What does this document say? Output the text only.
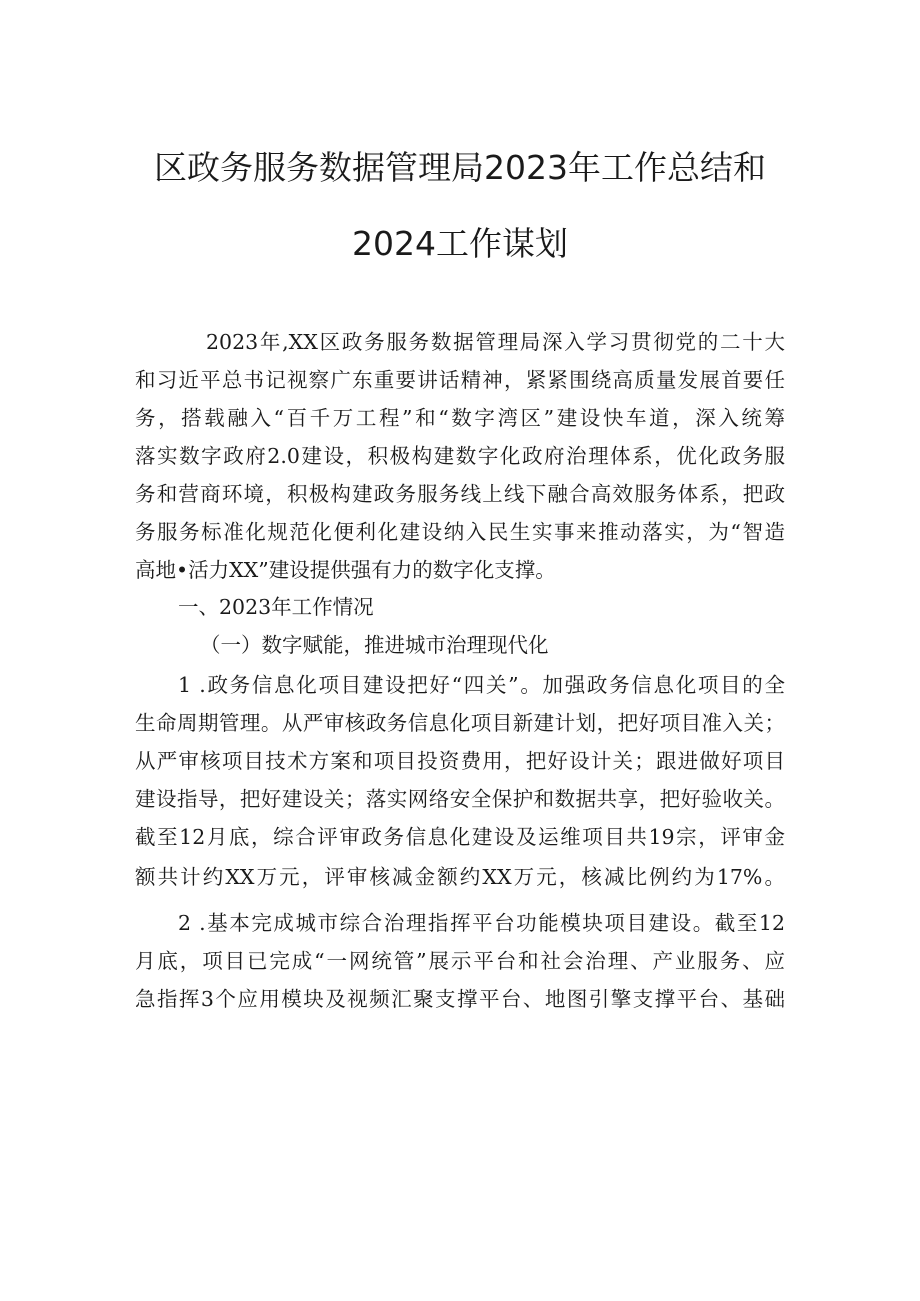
区政务服务数据管理局2023年工作总结和
2024工作谋划
2023年,XX区政务服务数据管理局深入学习贯彻党的二十大
和习近平总书记视察广东重要讲话精神，紧紧围绕高质量发展首要任
务，搭载融入“百千万工程”和“数字湾区”建设快车道，深入统筹
落实数字政府2.0建设，积极构建数字化政府治理体系，优化政务服
务和营商环境，积极构建政务服务线上线下融合高效服务体系，把政
务服务标准化规范化便利化建设纳入民生实事来推动落实，为“智造
高地•活力XX”建设提供强有力的数字化支撑。
一、2023年工作情况
（一）数字赋能，推进城市治理现代化
1 .政务信息化项目建设把好“四关”。加强政务信息化项目的全
生命周期管理。从严审核政务信息化项目新建计划，把好项目准入关；
从严审核项目技术方案和项目投资费用，把好设计关；跟进做好项目
建设指导，把好建设关；落实网络安全保护和数据共享，把好验收关。
截至12月底，综合评审政务信息化建设及运维项目共19宗，评审金
额共计约XX万元，评审核减金额约XX万元，核减比例约为17%。
2 .基本完成城市综合治理指挥平台功能模块项目建设。截至12
月底，项目已完成“一网统管”展示平台和社会治理、产业服务、应
急指挥3个应用模块及视频汇聚支撑平台、地图引擎支撑平台、基础
